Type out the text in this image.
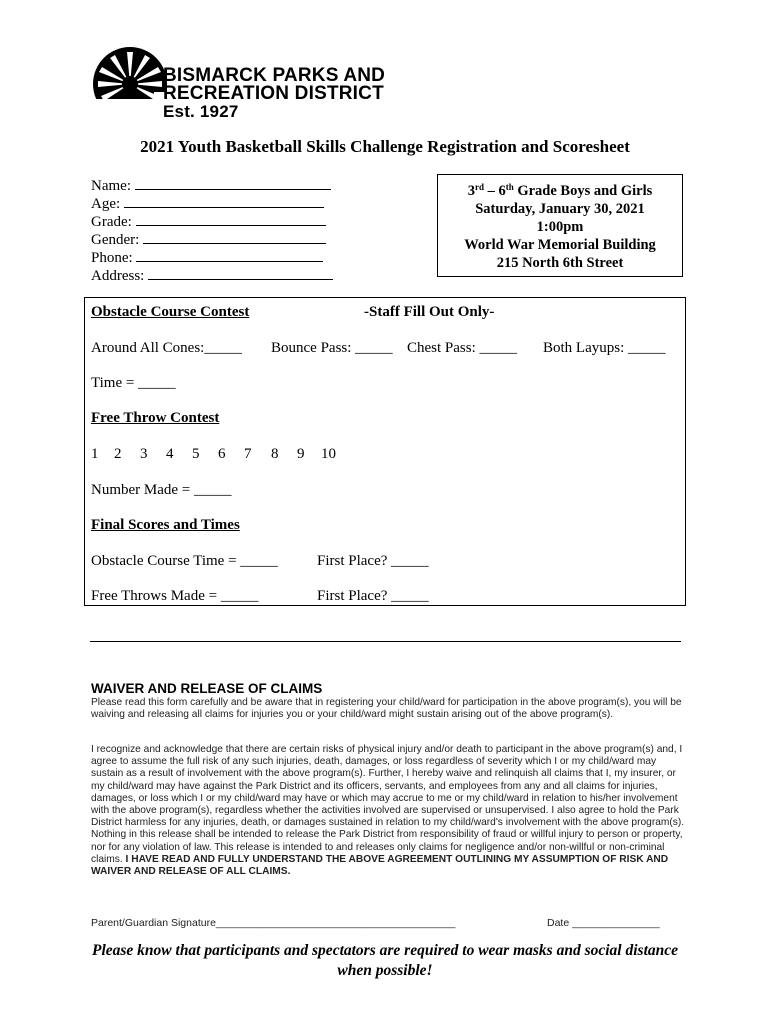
BISMARCK PARKS AND
RECREATION DISTRICT
Est. 1927
2021 Youth Basketball Skills Challenge Registration and Scoresheet
Name:
Age:
Grade:
Gender:
Phone:
Address:
3rd – 6th Grade Boys and Girls
Saturday, January 30, 2021
1:00pm
World War Memorial Building
215 North 6th Street
Obstacle Course Contest	-Staff Fill Out Only-
Around All Cones:_____ Bounce Pass: _____ Chest Pass: _____ Both Layups: _____
Time = _____
Free Throw Contest
1 2 3 4 5 6 7 8 9 10
Number Made = _____
Final Scores and Times
Obstacle Course Time = _____	First Place? _____
Free Throws Made = _____	First Place? _____
WAIVER AND RELEASE OF CLAIMS
Please read this form carefully and be aware that in registering your child/ward for participation in the above program(s), you will be waiving and releasing all claims for injuries you or your child/ward might sustain arising out of the above program(s).
I recognize and acknowledge that there are certain risks of physical injury and/or death to participant in the above program(s) and, I agree to assume the full risk of any such injuries, death, damages, or loss regardless of severity which I or my child/ward may sustain as a result of involvement with the above program(s). Further, I hereby waive and relinquish all claims that I, my insurer, or my child/ward may have against the Park District and its officers, servants, and employees from any and all claims for injuries, damages, or loss which I or my child/ward may have or which may accrue to me or my child/ward in relation to his/her involvement with the above program(s), regardless whether the activities involved are supervised or unsupervised. I also agree to hold the Park District harmless for any injuries, death, or damages sustained in relation to my child/ward's involvement with the above program(s). Nothing in this release shall be intended to release the Park District from responsibility of fraud or willful injury to person or property, nor for any violation of law. This release is intended to and releases only claims for negligence and/or non-willful or non-criminal claims. I HAVE READ AND FULLY UNDERSTAND THE ABOVE AGREEMENT OUTLINING MY ASSUMPTION OF RISK AND WAIVER AND RELEASE OF ALL CLAIMS.
Parent/Guardian Signature_________________________________________	Date _______________
Please know that participants and spectators are required to wear masks and social distance when possible!
